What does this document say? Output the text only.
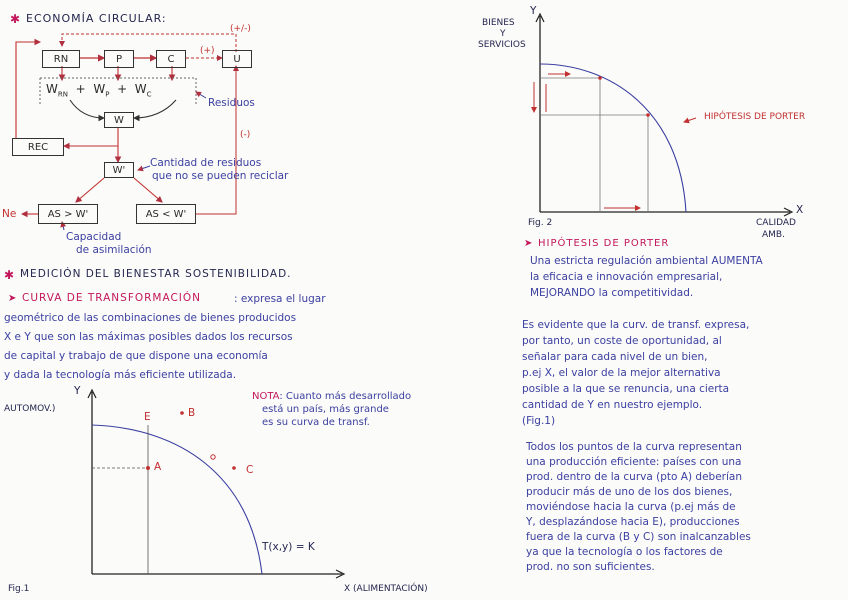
✱ ECONOMÍA CIRCULAR:
RN	P	C	U
(+/-)
(+)
(-)
$W_{RN} + W_P + W_C$
Residuos
W
REC
W'
Cantidad de residuos
que no se pueden reciclar
Ne	AS > W'	AS < W'
Capacidad
de asimilación
✱ MEDICIÓN DEL BIENESTAR SOSTENIBILIDAD.
➤ CURVA DE TRANSFORMACIÓN	: expresa el lugar
geométrico de las combinaciones de bienes producidos
X e Y que son las máximas posibles dados los recursos
de capital y trabajo de que dispone una economía
y dada la tecnología más eficiente utilizada.
Y
AUTOMOV.)
X (ALIMENTACIÓN)
E	B
A	C
T(x,y) = K
Fig.1
NOTA: Cuanto más desarrollado
está un país, más grande
es su curva de transf.
Y
BIENES
Y
SERVICIOS
X
CALIDAD
AMB.
Fig. 2
HIPÓTESIS DE PORTER
➤ HIPÓTESIS DE PORTER
Una estricta regulación ambiental AUMENTA
la eficacia e innovación empresarial,
MEJORANDO la competitividad.
Es evidente que la curv. de transf. expresa,
por tanto, un coste de oportunidad, al
señalar para cada nivel de un bien,
p.ej X, el valor de la mejor alternativa
posible a la que se renuncia, una cierta
cantidad de Y en nuestro ejemplo.
(Fig.1)
Todos los puntos de la curva representan
una producción eficiente: países con una
prod. dentro de la curva (pto A) deberían
producir más de uno de los dos bienes,
moviéndose hacia la curva (p.ej más de
Y, desplazándose hacia E), producciones
fuera de la curva (B y C) son inalcanzables
ya que la tecnología o los factores de
prod. no son suficientes.
